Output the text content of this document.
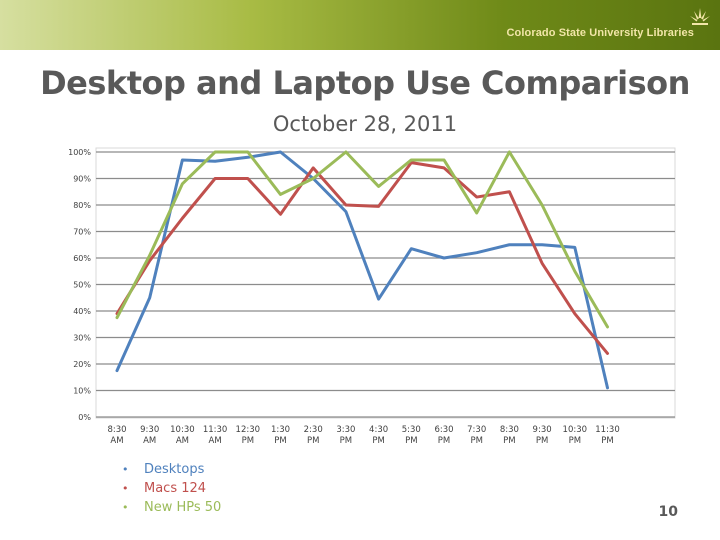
Colorado State University Libraries
Desktop and Laptop Use Comparison
October 28, 2011
0%
10%
20%
30%
40%
50%
60%
70%
80%
90%
100%
8:30
AM
9:30
AM
10:30
AM
11:30
AM
12:30
PM
1:30
PM
2:30
PM
3:30
PM
4:30
PM
5:30
PM
6:30
PM
7:30
PM
8:30
PM
9:30
PM
10:30
PM
11:30
PM
• Desktops
• Macs 124
• New HPs 50	10
